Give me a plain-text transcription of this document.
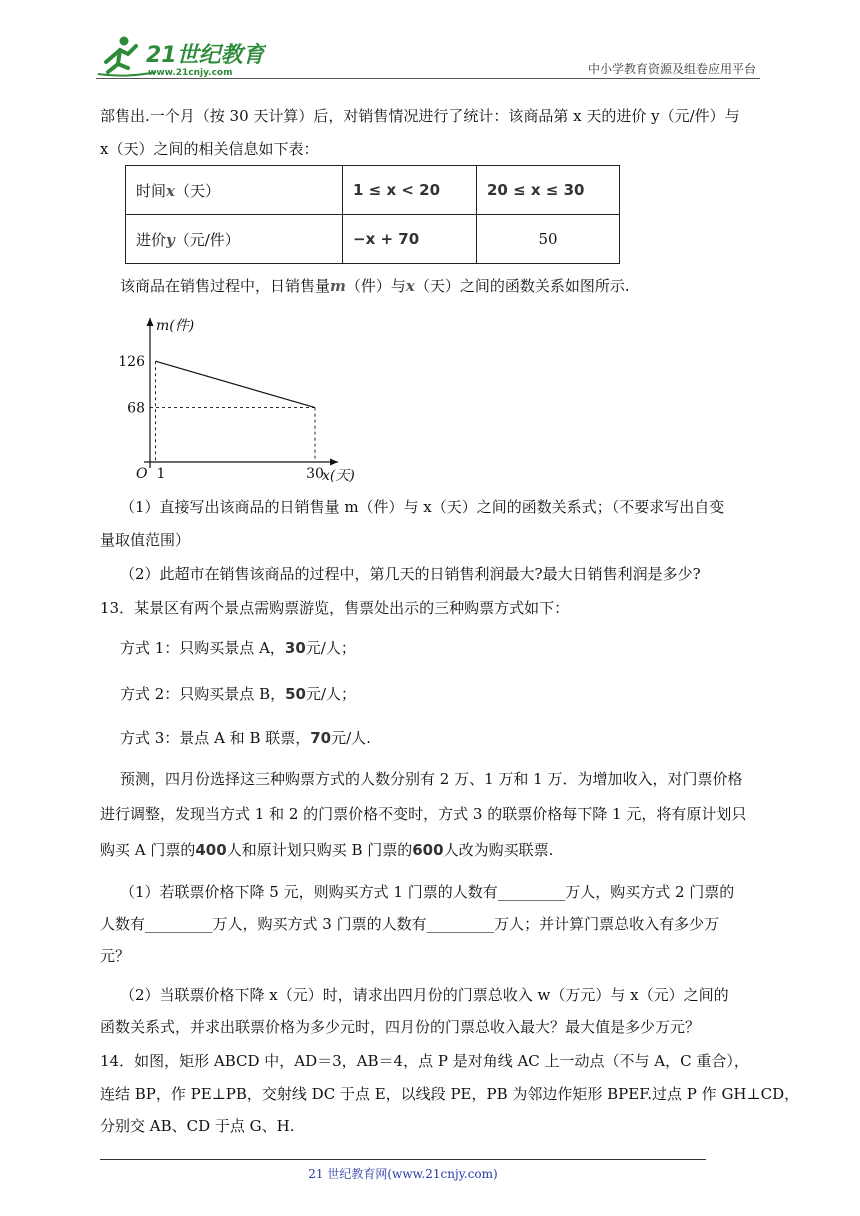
21世纪教育
www.21cnjy.com	中小学教育资源及组卷应用平台
部售出.一个月（按 30 天计算）后，对销售情况进行了统计：该商品第 x 天的进价 y（元/件）与
x（天）之间的相关信息如下表：
时间x（天）	1 ≤ x < 20	20 ≤ x ≤ 30
进价y（元/件）	−x + 70	50
该商品在销售过程中，日销售量m（件）与x（天）之间的函数关系如图所示.
126
68
1	30
O
m(件)
x(天)
（1）直接写出该商品的日销售量 m（件）与 x（天）之间的函数关系式；（不要求写出自变
量取值范围）
（2）此超市在销售该商品的过程中，第几天的日销售利润最大?最大日销售利润是多少?
13．某景区有两个景点需购票游览，售票处出示的三种购票方式如下：
方式 1：只购买景点 A，30元/人；
方式 2：只购买景点 B，50元/人；
方式 3：景点 A 和 B 联票，70元/人.
预测，四月份选择这三种购票方式的人数分别有 2 万、1 万和 1 万．为增加收入，对门票价格
进行调整，发现当方式 1 和 2 的门票价格不变时，方式 3 的联票价格每下降 1 元，将有原计划只
购买 A 门票的400人和原计划只购买 B 门票的600人改为购买联票.
（1）若联票价格下降 5 元，则购买方式 1 门票的人数有_________万人，购买方式 2 门票的
人数有_________万人，购买方式 3 门票的人数有_________万人；并计算门票总收入有多少万
元？
（2）当联票价格下降 x（元）时，请求出四月份的门票总收入 w（万元）与 x（元）之间的
函数关系式，并求出联票价格为多少元时，四月份的门票总收入最大？最大值是多少万元？
14．如图，矩形 ABCD 中，AD＝3，AB＝4，点 P 是对角线 AC 上一动点（不与 A，C 重合），
连结 BP，作 PE⊥PB，交射线 DC 于点 E，以线段 PE，PB 为邻边作矩形 BPEF.过点 P 作 GH⊥CD，
分别交 AB、CD 于点 G、H.
21 世纪教育网(www.21cnjy.com)
